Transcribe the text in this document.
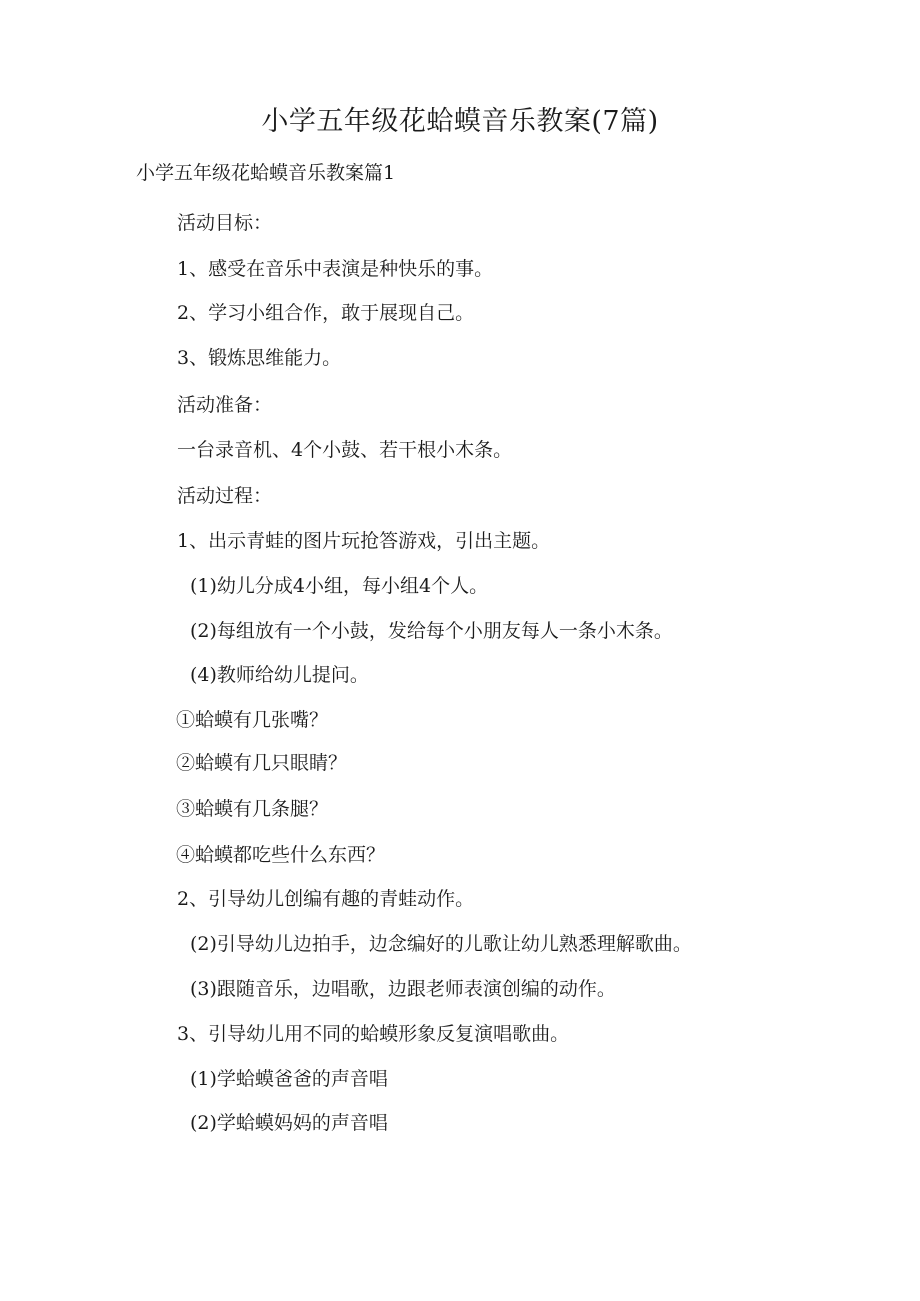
小学五年级花蛤蟆音乐教案(7篇)
小学五年级花蛤蟆音乐教案篇1
活动目标：
1、感受在音乐中表演是种快乐的事。
2、学习小组合作，敢于展现自己。
3、锻炼思维能力。
活动准备：
一台录音机、4个小鼓、若干根小木条。
活动过程：
1、出示青蛙的图片玩抢答游戏，引出主题。
(1)幼儿分成4小组，每小组4个人。
(2)每组放有一个小鼓，发给每个小朋友每人一条小木条。
(4)教师给幼儿提问。
①蛤蟆有几张嘴？
②蛤蟆有几只眼睛？
③蛤蟆有几条腿？
④蛤蟆都吃些什么东西？
2、引导幼儿创编有趣的青蛙动作。
(2)引导幼儿边拍手，边念编好的儿歌让幼儿熟悉理解歌曲。
(3)跟随音乐，边唱歌，边跟老师表演创编的动作。
3、引导幼儿用不同的蛤蟆形象反复演唱歌曲。
(1)学蛤蟆爸爸的声音唱
(2)学蛤蟆妈妈的声音唱
